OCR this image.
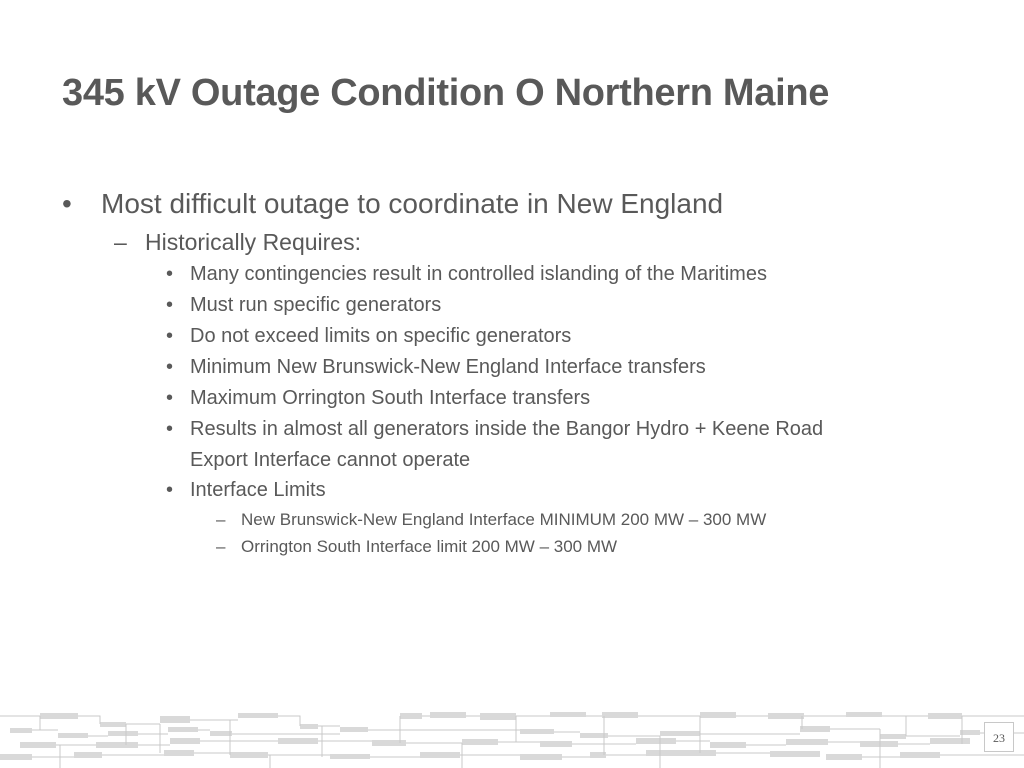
345 kV Outage Condition O Northern Maine
• Most difficult outage to coordinate in New England
– Historically Requires:
• Many contingencies result in controlled islanding of the Maritimes
• Must run specific generators
• Do not exceed limits on specific generators
• Minimum New Brunswick-New England Interface transfers
• Maximum Orrington South Interface transfers
• Results in almost all generators inside the Bangor Hydro + Keene Road
Export Interface cannot operate
• Interface Limits
– New Brunswick-New England Interface MINIMUM 200 MW – 300 MW
– Orrington South Interface limit 200 MW – 300 MW
23
